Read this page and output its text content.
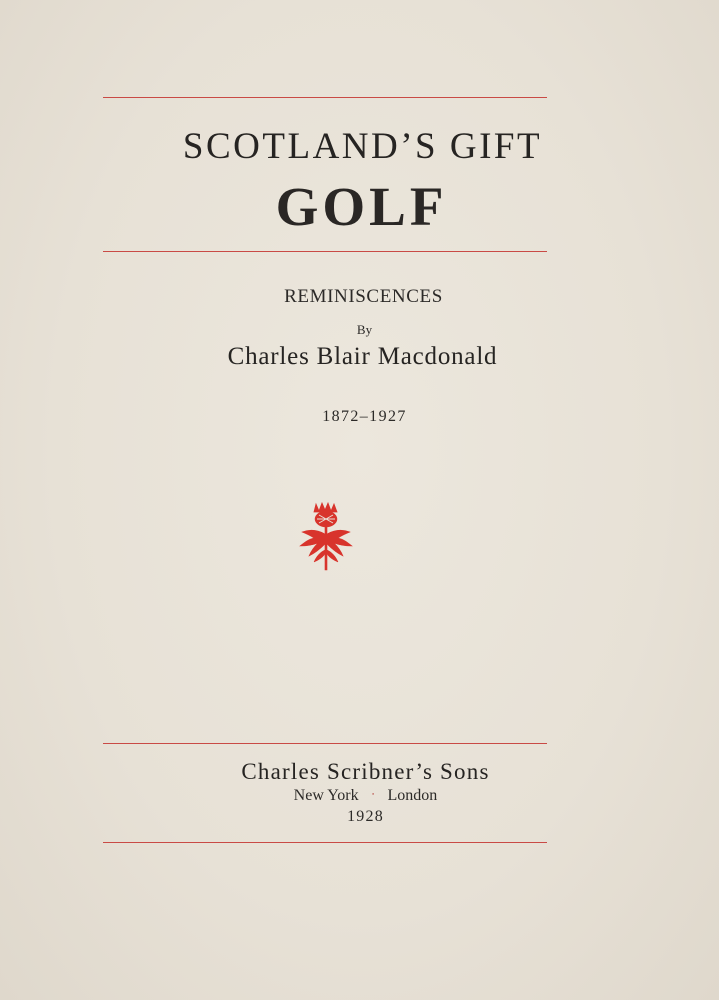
SCOTLAND’S GIFT
GOLF
REMINISCENCES
By
Charles Blair Macdonald
1872–1927
Charles Scribner’s Sons
New York ⸱ London
1928
